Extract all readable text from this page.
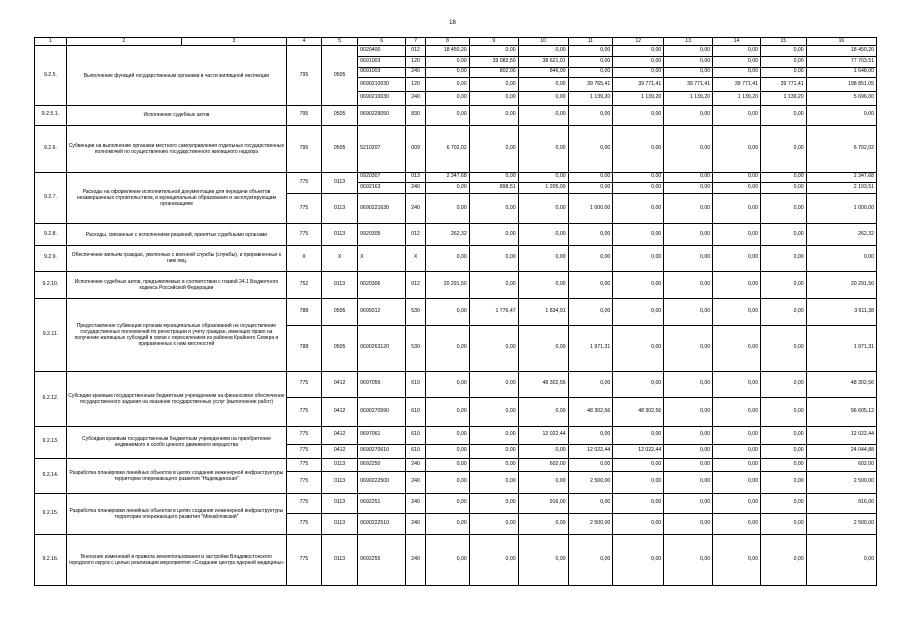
18
1	2	3	4	5	6	7	8	9	10	11	12	13	14	15	16
9.2.5.	Выполнение функций государственным органами в части жилищной инспекции		795	0505	0020400	012	18 450,20	0,00	0,00	0,00	0,00	0,00	0,00	0,00	18 450,20
					0691003	120	0,00	39 082,50	38 621,01	0,00	0,00	0,00	0,00	0,00	77 703,51
					0691003	240	0,00	802,00	846,00	0,00	0,00	0,00	0,00	0,00	1 648,00
					0690210030	120	0,00	0,00	0,00	39 765,41	39 771,41	39 771,41	39 771,41	39 771,41	198 851,05
					0690210030	240	0,00	0,00	0,00	1 139,20	1 139,20	1 139,20	1 139,20	1 139,20	5 696,00
9.2.5.1.	Исполнение судебных актов		795	0505	0690229050	830	0,00	0,00	0,00	0,00	0,00	0,00	0,00	0,00	0,00
9.2.6.	Субвенции на выполнение органами местного самоуправления отдельных государственных полномочий по осуществлению государственного жилищного надзора		795	0505	5210207	009	6 702,02	0,00	0,00	0,00	0,00	0,00	0,00	0,00	6 702,02
9.2.7.	Расходы на оформление исполнительной документации для передачи объектов незавершенных строительством, в муниципальные образования и эксплуатирующим организациям		775	0113	0920307	013	2 347,68	0,00	0,00	0,00	0,00	0,00	0,00	0,00	2 347,68
					0692163	240	0,00	898,51	1 205,00	0,00	0,00	0,00	0,00	0,00	2 103,51
			775	0113	0690221630	240	0,00	0,00	0,00	1 000,00	0,00	0,00	0,00	0,00	1 000,00
9.2.8.	Расходы, связанные с исполнением решений, принятых судебными органами		775	0113	0920305	012	262,32	0,00	0,00	0,00	0,00	0,00	0,00	0,00	262,32
9.2.9.	Обеспечение жильем граждан, уволенных с военной службы (службы), и приравненных к ним лиц		X	X	X	X	0,00	0,00	0,00	0,00	0,00	0,00	0,00	0,00	0,00
9.2.10.	Исполнение судебных актов, предъявляемых в соответствии с главой 24.1 Бюджетного кодекса Российской Федерации		752	0113	0020306	012	20 291,50	0,00	0,00	0,00	0,00	0,00	0,00	0,00	20 291,50
9.2.11.	Предоставление субвенции органам муниципальных образований на осуществление государственных полномочий по регистрации и учету граждан, имеющих право на получение жилищных субсидий в связи с переселением из районов Крайнего Севера и приравненных к ним местностей		788	0505	0699312	530	0,00	1 776,47	1 834,91	0,00	0,00	0,00	0,00	0,00	3 611,38
			788	0505	0690263120	530	0,00	0,00	0,00	1 971,31	0,00	0,00	0,00	0,00	1 971,31
9.2.12.	Субсидии краевым государственным бюджетным учреждениям на финансовое обеспечение государственного задания на оказание государственных услуг (выполнение работ)		775	0412	0697059	610	0,00	0,00	48 302,56	0,00	0,00	0,00	0,00	0,00	48 302,56
			775	0412	0690270590	610	0,00	0,00	0,00	48 302,56	48 302,56	0,00	0,00	0,00	96 605,12
9.2.13.	Субсидии краевым государственным бюджетным учреждениям на приобретение недвижимого и особо ценного движимого имущества		775	0412	0697061	610	0,00	0,00	12 022,44	0,00	0,00	0,00	0,00	0,00	12 022,44
			775	0412	0690270610	610	0,00	0,00	0,00	12 022,44	12 022,44	0,00	0,00	0,00	24 044,88
9.2.14.	Разработка планировки линейных объектов в целях создания инженерной инфраструктуры территории опережающего развития "Надеждинская"		775	0113	0692250	240	0,00	0,00	602,00	0,00	0,00	0,00	0,00	0,00	602,00
			775	0113	0690222500	240	0,00	0,00	0,00	2 500,00	0,00	0,00	0,00	0,00	2 500,00
9.2.15.	Разработка планировки линейных объектов в целях создания инженерной инфраструктуры территории опережающего развития "Михайловский"		775	0113	0692251	240	0,00	0,00	916,00	0,00	0,00	0,00	0,00	0,00	916,00
			775	0113	0690222510	240	0,00	0,00	0,00	2 500,00	0,00	0,00	0,00	0,00	2 500,00
9.2.16.	Внесение изменений в правила землепользования и застройки Владивостокского городского округа с целью реализации мероприятия «Создание центра ядерной медицины»		775	0113	0692255	240	0,00	0,00	0,00	0,00	0,00	0,00	0,00	0,00	0,00
